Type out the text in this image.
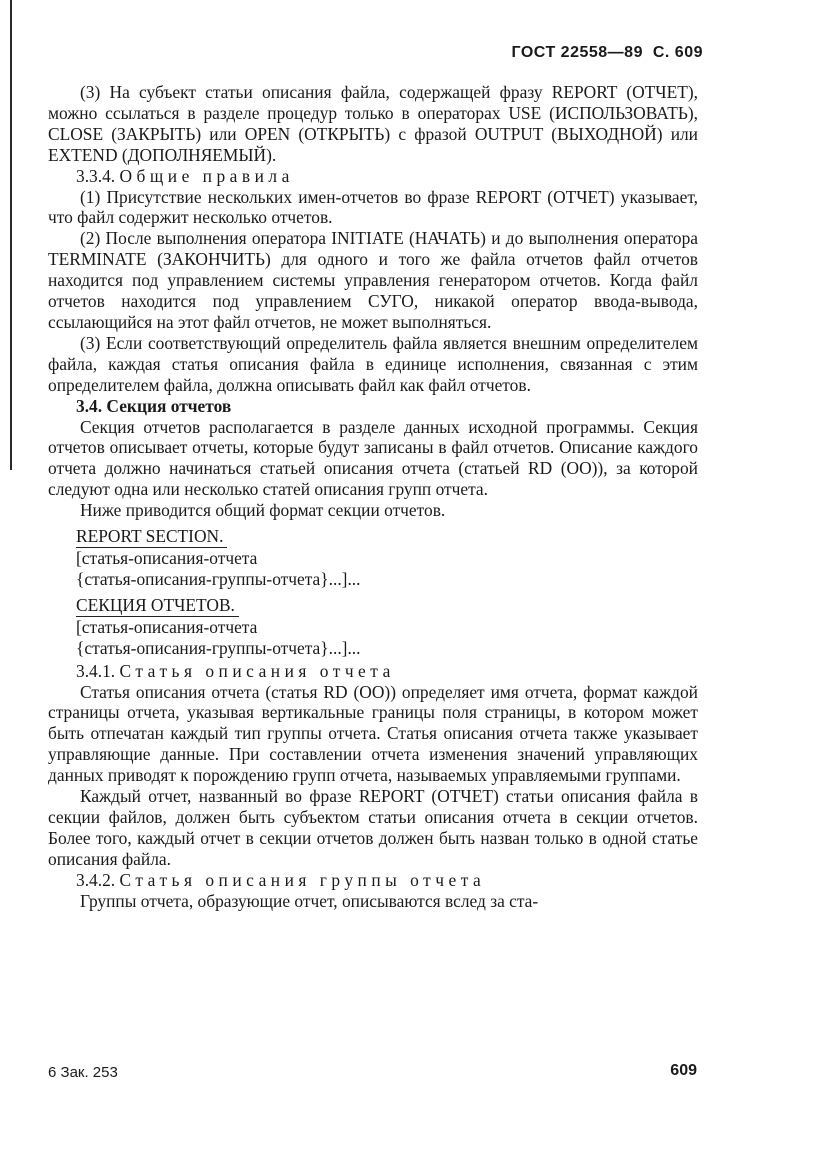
ГОСТ 22558—89 С. 609

(3) На субъект статьи описания файла, содержащей фразу REPORT (ОТЧЕТ), можно ссылаться в разделе процедур только в операторах USE (ИСПОЛЬЗОВАТЬ), CLOSE (ЗАКРЫТЬ) или OPEN (ОТКРЫТЬ) с фразой OUTPUT (ВЫХОДНОЙ) или EXTEND (ДОПОЛНЯЕМЫЙ).

3.3.4. Общие правила

(1) Присутствие нескольких имен-отчетов во фразе REPORT (ОТЧЕТ) указывает, что файл содержит несколько отчетов.

(2) После выполнения оператора INITIATE (НАЧАТЬ) и до выполнения оператора TERMINATE (ЗАКОНЧИТЬ) для одного и того же файла отчетов файл отчетов находится под управлением системы управления генератором отчетов. Когда файл отчетов находится под управлением СУГО, никакой оператор ввода-вывода, ссылающийся на этот файл отчетов, не может выполняться.

(3) Если соответствующий определитель файла является внешним определителем файла, каждая статья описания файла в единице исполнения, связанная с этим определителем файла, должна описывать файл как файл отчетов.

3.4. Секция отчетов

Секция отчетов располагается в разделе данных исходной программы. Секция отчетов описывает отчеты, которые будут записаны в файл отчетов. Описание каждого отчета должно начинаться статьей описания отчета (статьей RD (ОО)), за которой следуют одна или несколько статей описания групп отчета.

Ниже приводится общий формат секции отчетов.

REPORT SECTION.
[статья-описания-отчета
{статья-описания-группы-отчета}...]...
СЕКЦИЯ ОТЧЕТОВ.
[статья-описания-отчета
{статья-описания-группы-отчета}...]...

3.4.1. Статья описания отчета

Статья описания отчета (статья RD (ОО)) определяет имя отчета, формат каждой страницы отчета, указывая вертикальные границы поля страницы, в котором может быть отпечатан каждый тип группы отчета. Статья описания отчета также указывает управляющие данные. При составлении отчета изменения значений управляющих данных приводят к порождению групп отчета, называемых управляемыми группами.

Каждый отчет, названный во фразе REPORT (ОТЧЕТ) статьи описания файла в секции файлов, должен быть субъектом статьи описания отчета в секции отчетов. Более того, каждый отчет в секции отчетов должен быть назван только в одной статье описания файла.

3.4.2. Статья описания группы отчета

Группы отчета, образующие отчет, описываются вслед за ста-

6 Зак. 253	609
